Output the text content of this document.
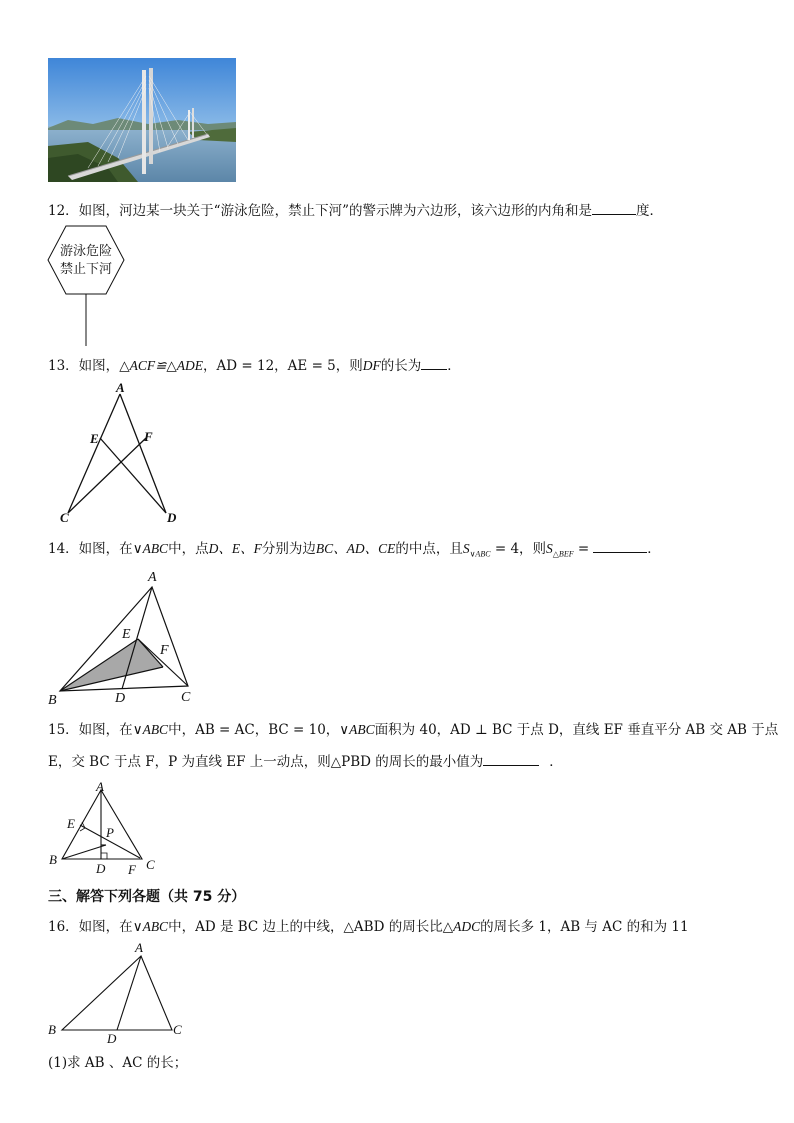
12．如图，河边某一块关于“游泳危险，禁止下河”的警示牌为六边形，该六边形的内角和是	度．
游泳危险
禁止下河
13．如图，△ACF≌△ADE，AD = 12，AE = 5，则DF的长为 ．
A
E	F
C	D
14．如图，在∨ABC中，点D、E、F分别为边BC、AD、CE的中点，且$S_{\vee ABC} = 4$，则$S_{\triangle BEF}$ =	．
A
E
F
B	D	C
15．如图，在∨ABC中，AB = AC，BC = 10，∨ABC面积为 40，AD ⊥ BC 于点 D，直线 EF 垂直平分 AB 交 AB 于点
E，交 BC 于点 F，P 为直线 EF 上一动点，则△PBD 的周长的最小值为	．
A
E
P
B
D F C
三、解答下列各题（共 75 分）
16．如图，在∨ABC中，AD 是 BC 边上的中线，△ABD 的周长比△ADC的周长多 1，AB 与 AC 的和为 11
A
B
D
C
(1)求 AB 、AC 的长；
